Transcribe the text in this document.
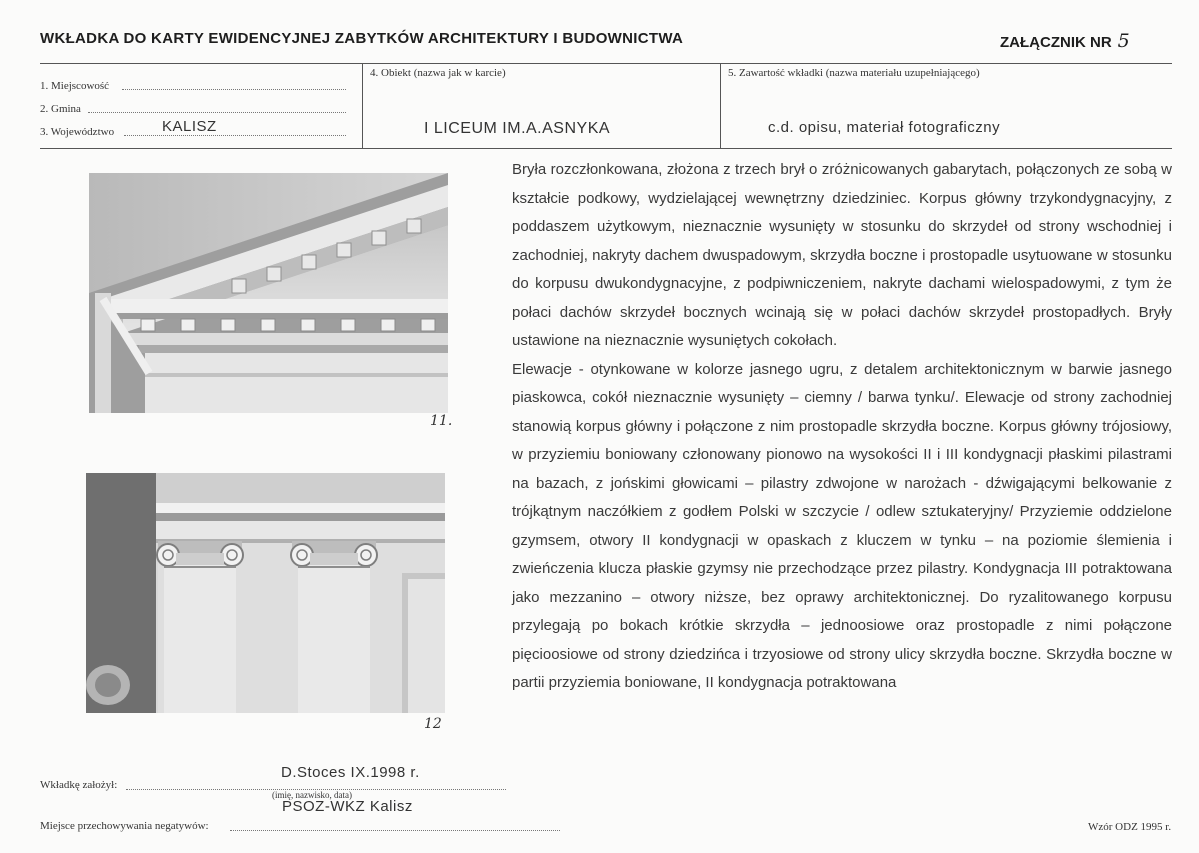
WKŁADKA DO KARTY EWIDENCYJNEJ ZABYTKÓW ARCHITEKTURY I BUDOWNICTWA	ZAŁĄCZNIK NR 5
1. Miejscowość
2. Gmina
3. Województwo	KALISZ
4. Obiekt (nazwa jak w karcie)
I LICEUM IM.A.ASNYKA
5. Zawartość wkładki (nazwa materiału uzupełniającego)
c.d. opisu, materiał fotograficzny
11.
12

Bryła rozczłonkowana, złożona z trzech brył o zróżnicowanych gabarytach, połączonych ze sobą w kształcie podkowy, wydzielającej wewnętrzny dziedziniec. Korpus główny trzykondygnacyjny, z poddaszem użytkowym, nieznacznie wysunięty w stosunku do skrzydeł od strony wschodniej i zachodniej, nakryty dachem dwuspadowym, skrzydła boczne i prostopadle usytuowane w stosunku do korpusu dwukondygnacyjne, z podpiwniczeniem, nakryte dachami wielospadowymi, z tym że połaci dachów skrzydeł bocznych wcinają się w połaci dachów skrzydeł prostopadłych. Bryły ustawione na nieznacznie wysuniętych cokołach.

Elewacje - otynkowane w kolorze jasnego ugru, z detalem architektonicznym w barwie jasnego piaskowca, cokół nieznacznie wysunięty – ciemny / barwa tynku/. Elewacje od strony zachodniej stanowią korpus główny i połączone z nim prostopadle skrzydła boczne. Korpus główny trójosiowy, w przyziemiu boniowany członowany pionowo na wysokości II i III kondygnacji płaskimi pilastrami na bazach, z jońskimi głowicami – pilastry zdwojone w narożach - dźwigającymi belkowanie z trójkątnym naczółkiem z godłem Polski w szczycie / odlew sztukateryjny/ Przyziemie oddzielone gzymsem, otwory II kondygnacji w opaskach z kluczem w tynku – na poziomie ślemienia i zwieńczenia klucza płaskie gzymsy nie przechodzące przez pilastry. Kondygnacja III potraktowana jako mezzanino – otwory niższe, bez oprawy architektonicznej. Do ryzalitowanego korpusu przylegają po bokach krótkie skrzydła – jednoosiowe oraz prostopadle z nimi połączone pięcioosiowe od strony dziedzińca i trzyosiowe od strony ulicy skrzydła boczne. Skrzydła boczne w partii przyziemia boniowane, II kondygnacja potraktowana

Wkładkę założył:
D.Stoces IX.1998 r.
(imię, nazwisko, data)
PSOZ-WKZ Kalisz
Miejsce przechowywania negatywów:	Wzór ODZ 1995 r.
